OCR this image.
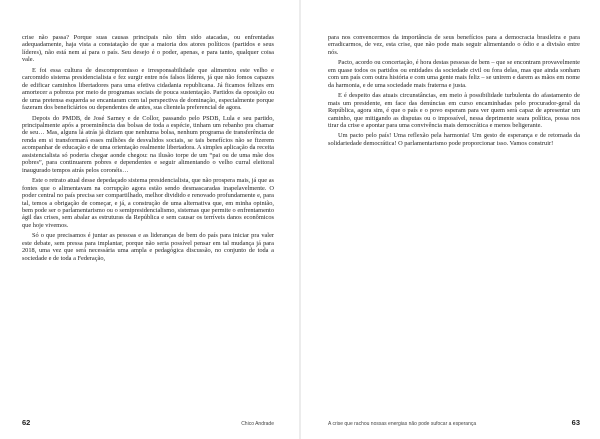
crise não passa? Porque suas causas principais não têm sido atacadas, ou enfrentadas adequadamente, haja vista a constatação de que a maioria dos atores políticos (partidos e seus líderes), não está nem aí para o país. Seu desejo é o poder, apenas, e para tanto, qualquer coisa vale.

E foi essa cultura de descompromisso e irresponsabilidade que alimentou este velho e carcomido sistema presidencialista e fez surgir entre nós falsos líderes, já que não fomos capazes de edificar caminhos libertadores para uma efetiva cidadania republicana. Já ficamos felizes em amortecer a pobreza por meio de programas sociais de pouca sustentação. Partidos da oposição ou de uma pretensa esquerda se encantaram com tal perspectiva de dominação, especialmente porque fazeram dos beneficiários ou dependentes de antes, sua clientela preferencial de agora.

Depois do PMDB, de José Sarney e de Collor, passando pelo PSDB, Lula e seu partido, principalmente após a proeminência das bolsas de toda a espécie, tinham um rebanho pra chamar de seu… Mas, alguns lá atrás já diziam que nenhuma bolsa, nenhum programa de transferência de renda em si transformará esses milhões de desvalidos sociais, se tais benefícios não se fizerem acompanhar de educação e de uma orientação realmente libertadora. A simples aplicação da receita assistencialista só poderia chegar aonde chegou: na ilusão torpe de um “pai ou de uma mãe dos pobres”, para continuarem pobres e dependentes e seguir alimentando o velho curral eleitoral inaugurado tempos atrás pelos coronéis…

Este o retrato atual desse depedaçado sistema presidencialista, que não prospera mais, já que as fontes que o alimentavam na corrupção agora estão sendo desmascaradas inapelavelmente. O poder central no país precisa ser compartilhado, melhor dividido e renovado profundamente e, para tal, temos a obrigação de começar, e já, a construção de uma alternativa que, em minha opinião, bem pode ser o parlamentarismo ou o semipresidencialismo, sistemas que permite o enfrentamento ágil das crises, sem abalar as estruturas da República e sem causar os terríveis danos econômicos que hoje vivemos.

Só o que precisamos é juntar as pessoas e as lideranças de bem do país para iniciar pra valer este debate, sem pressa para implantar, porque não seria possível pensar em tal mudança já para 2018, uma vez que será necessária uma ampla e pedagógica discussão, no conjunto de toda a sociedade e de toda a Federação,

62	Chico Andrade

para nos convencermos da importância de seus benefícios para a democracia brasileira e para erradicarmos, de vez, esta crise, que não pode mais seguir alimentando o ódio e a divisão entre nós.

Pacto, acordo ou concertação, é hora destas pessoas de bem – que se encontram provavelmente em quase todos os partidos ou entidades da sociedade civil ou fora delas, mas que ainda sonham com um país com outra história e com uma gente mais feliz – se unirem e darem as mãos em nome da harmonia, e de uma sociedade mais fraterna e justa.

E é despeito das atuais circunstâncias, em meio à possibilidade turbulenta do afastamento de mais um presidente, em face das denúncias em curso encaminhadas pelo procurador-geral da República, agora sim, é que o país e o povo esperam para ver quem será capaz de apresentar um caminho, que mitigando as disputas ou o impossível, nessa deprimente seara política, possa nos tirar da crise e apontar para uma convivência mais democrática e menos beligerante.

Um pacto pelo país! Uma reflexão pela harmonia! Um gesto de esperança e de retomada da solidariedade democrática! O parlamentarismo pode proporcionar isso. Vamos construir!

A crise que rachou nossas energias não pode sufocar a esperança	63
